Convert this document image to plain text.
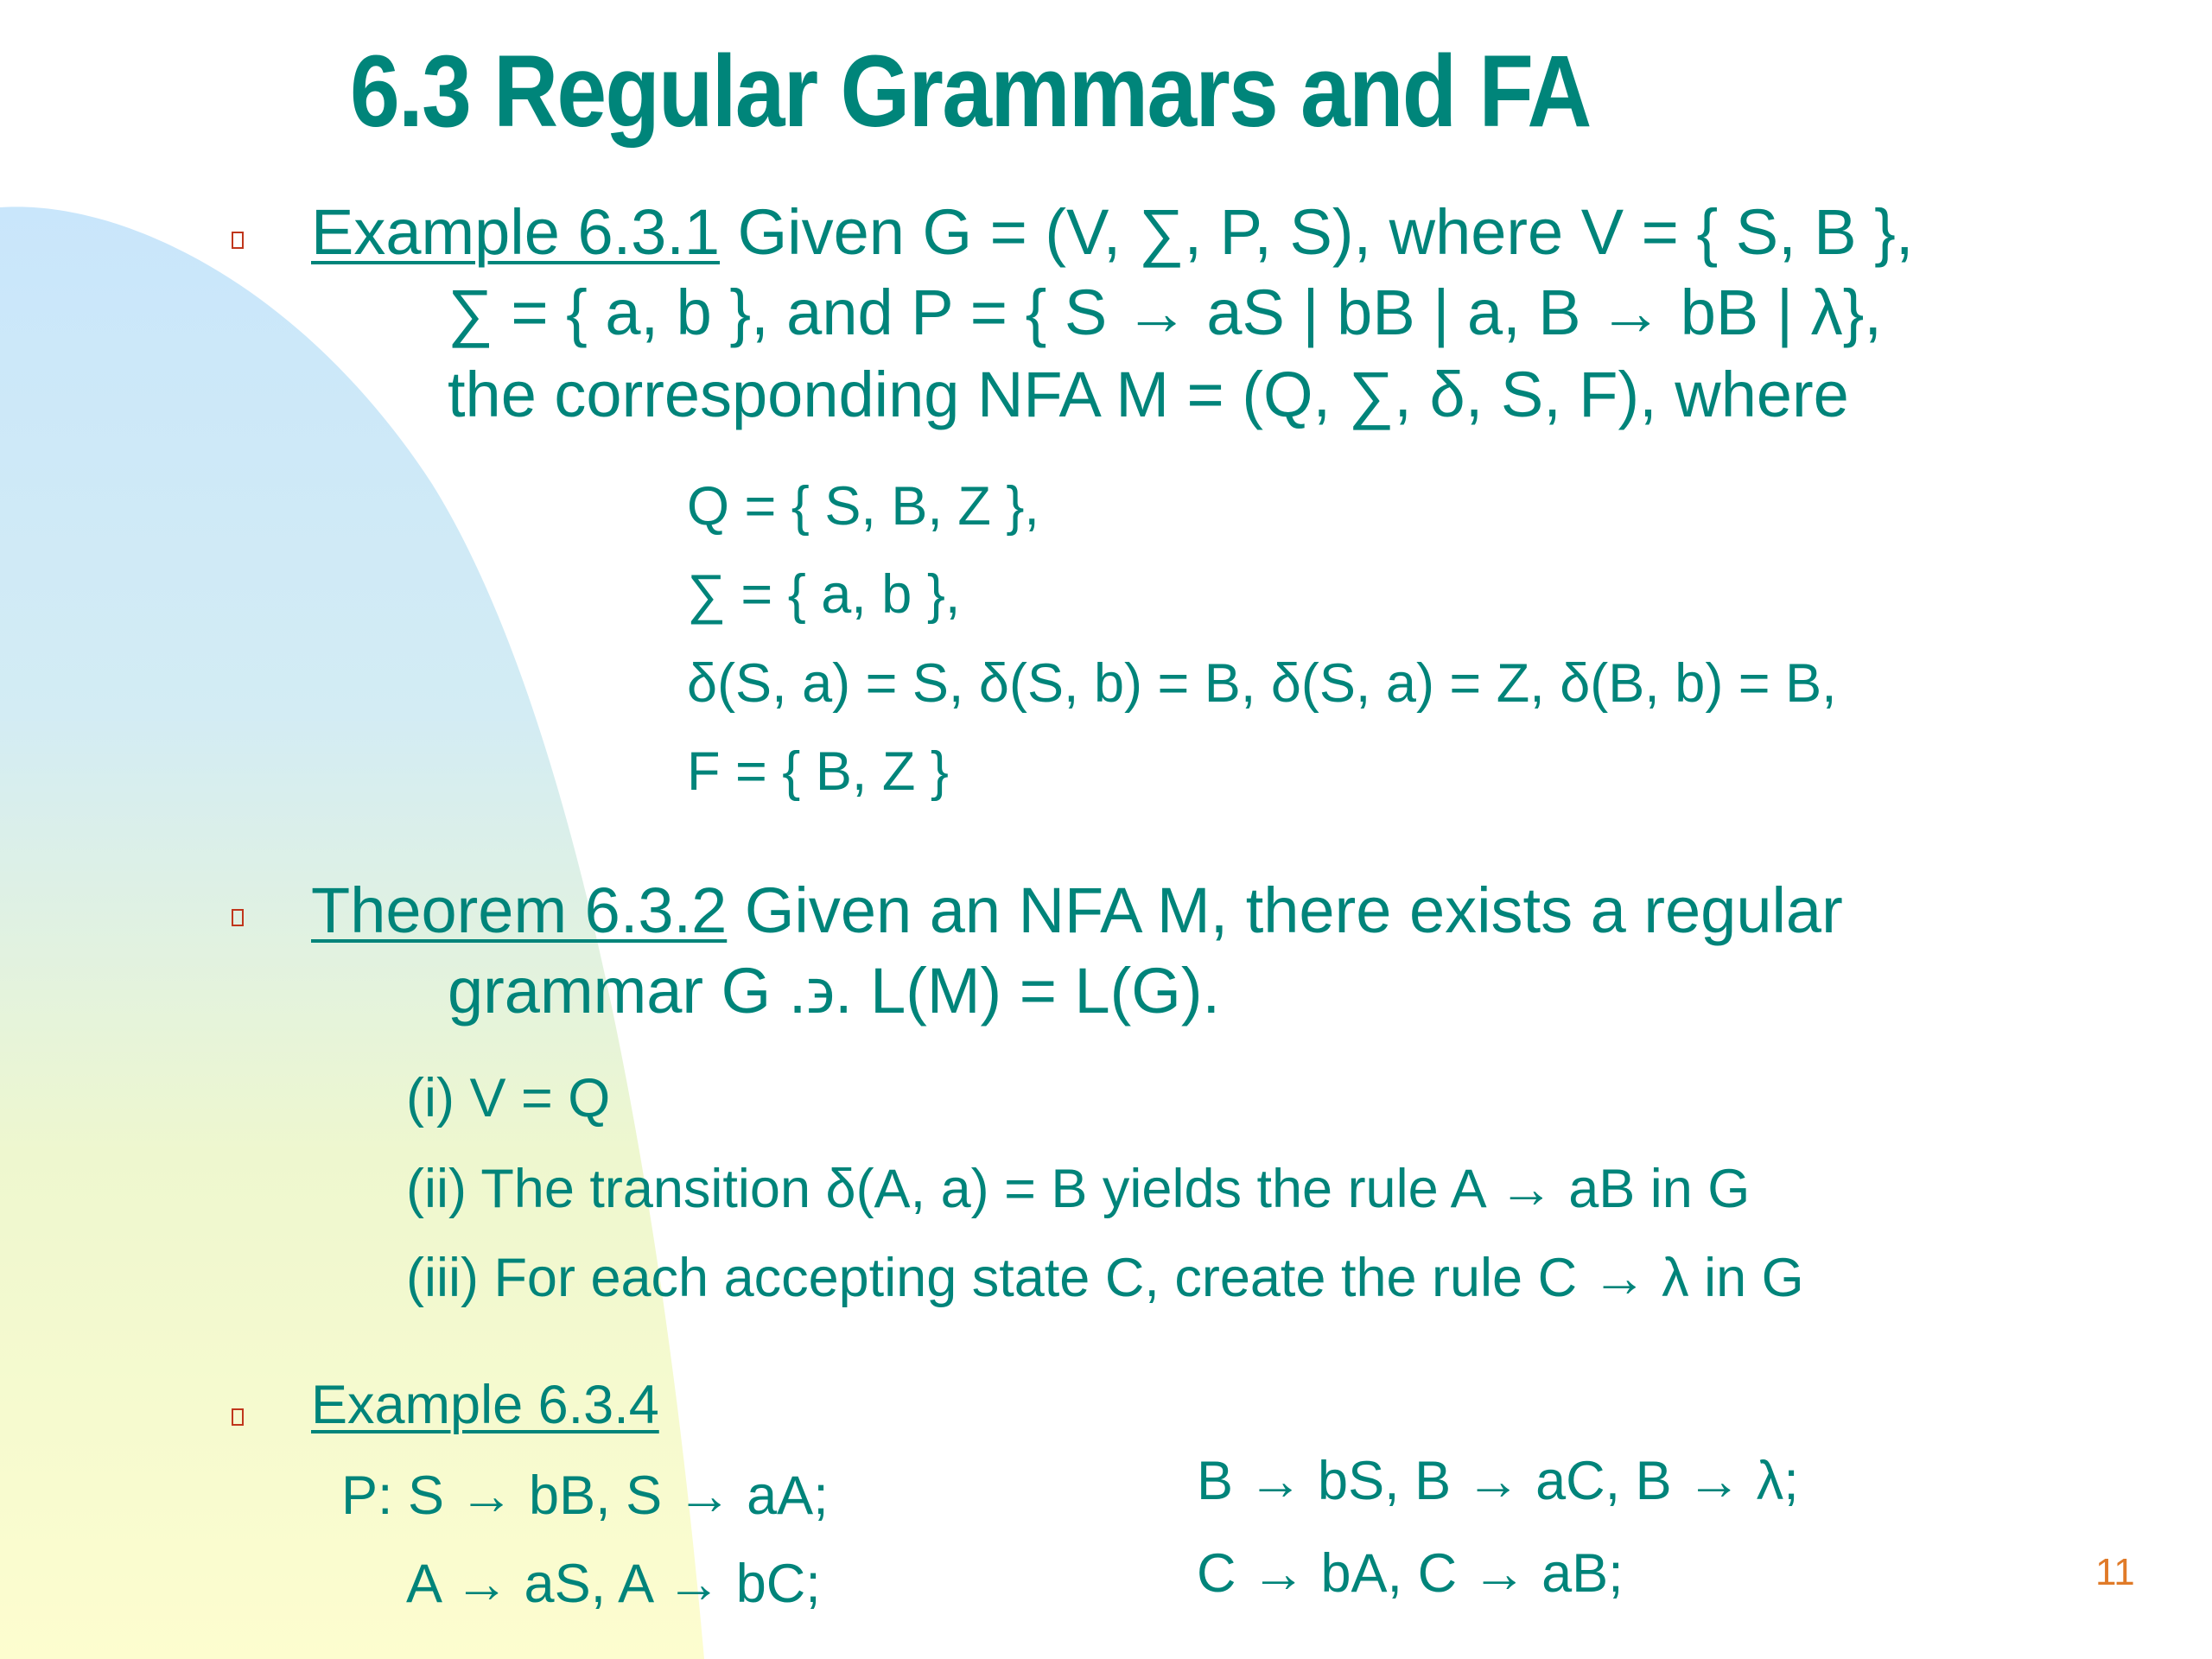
6.3 Regular Grammars and FA
Example 6.3.1 Given G = (V, ∑, P, S), where V = { S, B },
∑ = { a, b }, and P = { S → aS | bB | a, B → bB | λ},
the corresponding NFA M = (Q, ∑, δ, S, F), where
Q = { S, B, Z },
∑ = { a, b },
δ(S, a) = S, δ(S, b) = B, δ(S, a) = Z, δ(B, b) = B,
F = { B, Z }
Theorem 6.3.2 Given an NFA M, there exists a regular
grammar G .϶. L(M) = L(G).
(i) V = Q
(ii) The transition δ(A, a) = B yields the rule A → aB in G
(iii) For each accepting state C, create the rule C → λ in G
Example 6.3.4
P: S → bB, S → aA;
A → aS, A → bC;
B → bS, B → aC, B → λ;
C → bA, C → aB;	11
